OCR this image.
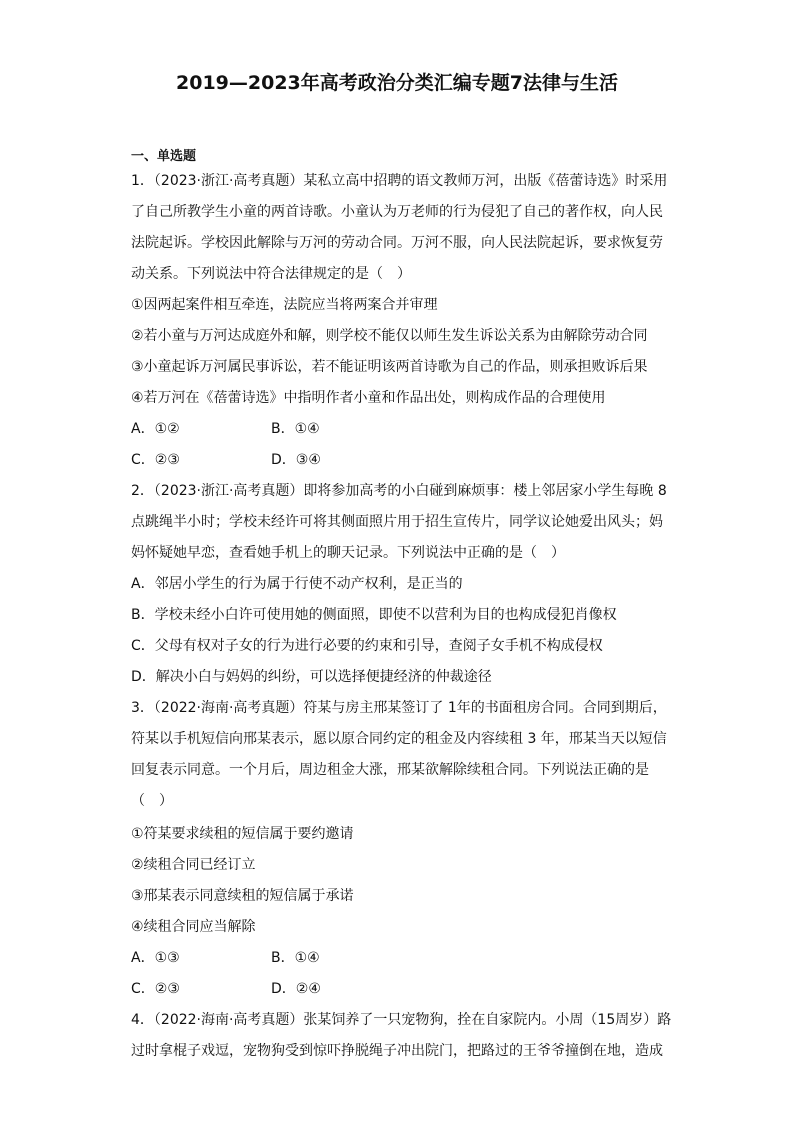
2019—2023年高考政治分类汇编专题7法律与生活
一、单选题
1．（2023·浙江·高考真题）某私立高中招聘的语文教师万河，出版《蓓蕾诗选》时采用
了自己所教学生小童的两首诗歌。小童认为万老师的行为侵犯了自己的著作权，向人民
法院起诉。学校因此解除与万河的劳动合同。万河不服，向人民法院起诉，要求恢复劳
动关系。下列说法中符合法律规定的是（　）
①因两起案件相互牵连，法院应当将两案合并审理
②若小童与万河达成庭外和解，则学校不能仅以师生发生诉讼关系为由解除劳动合同
③小童起诉万河属民事诉讼，若不能证明该两首诗歌为自己的作品，则承担败诉后果
④若万河在《蓓蕾诗选》中指明作者小童和作品出处，则构成作品的合理使用
A．①②	B．①④
C．②③	D．③④
2．（2023·浙江·高考真题）即将参加高考的小白碰到麻烦事：楼上邻居家小学生每晚 8
点跳绳半小时；学校未经许可将其侧面照片用于招生宣传片，同学议论她爱出风头；妈
妈怀疑她早恋，查看她手机上的聊天记录。下列说法中正确的是（　）
A．邻居小学生的行为属于行使不动产权利，是正当的
B．学校未经小白许可使用她的侧面照，即使不以营利为目的也构成侵犯肖像权
C．父母有权对子女的行为进行必要的约束和引导，查阅子女手机不构成侵权
D．解决小白与妈妈的纠纷，可以选择便捷经济的仲裁途径
3．（2022·海南·高考真题）符某与房主邢某签订了 1年的书面租房合同。合同到期后，
符某以手机短信向邢某表示，愿以原合同约定的租金及内容续租 3 年，邢某当天以短信
回复表示同意。一个月后，周边租金大涨，邢某欲解除续租合同。下列说法正确的是
（　）
①符某要求续租的短信属于要约邀请
②续租合同已经订立
③邢某表示同意续租的短信属于承诺
④续租合同应当解除
A．①③	B．①④
C．②③	D．②④
4．（2022·海南·高考真题）张某饲养了一只宠物狗，拴在自家院内。小周（15周岁）路
过时拿棍子戏逗，宠物狗受到惊吓挣脱绳子冲出院门，把路过的王爷爷撞倒在地，造成
